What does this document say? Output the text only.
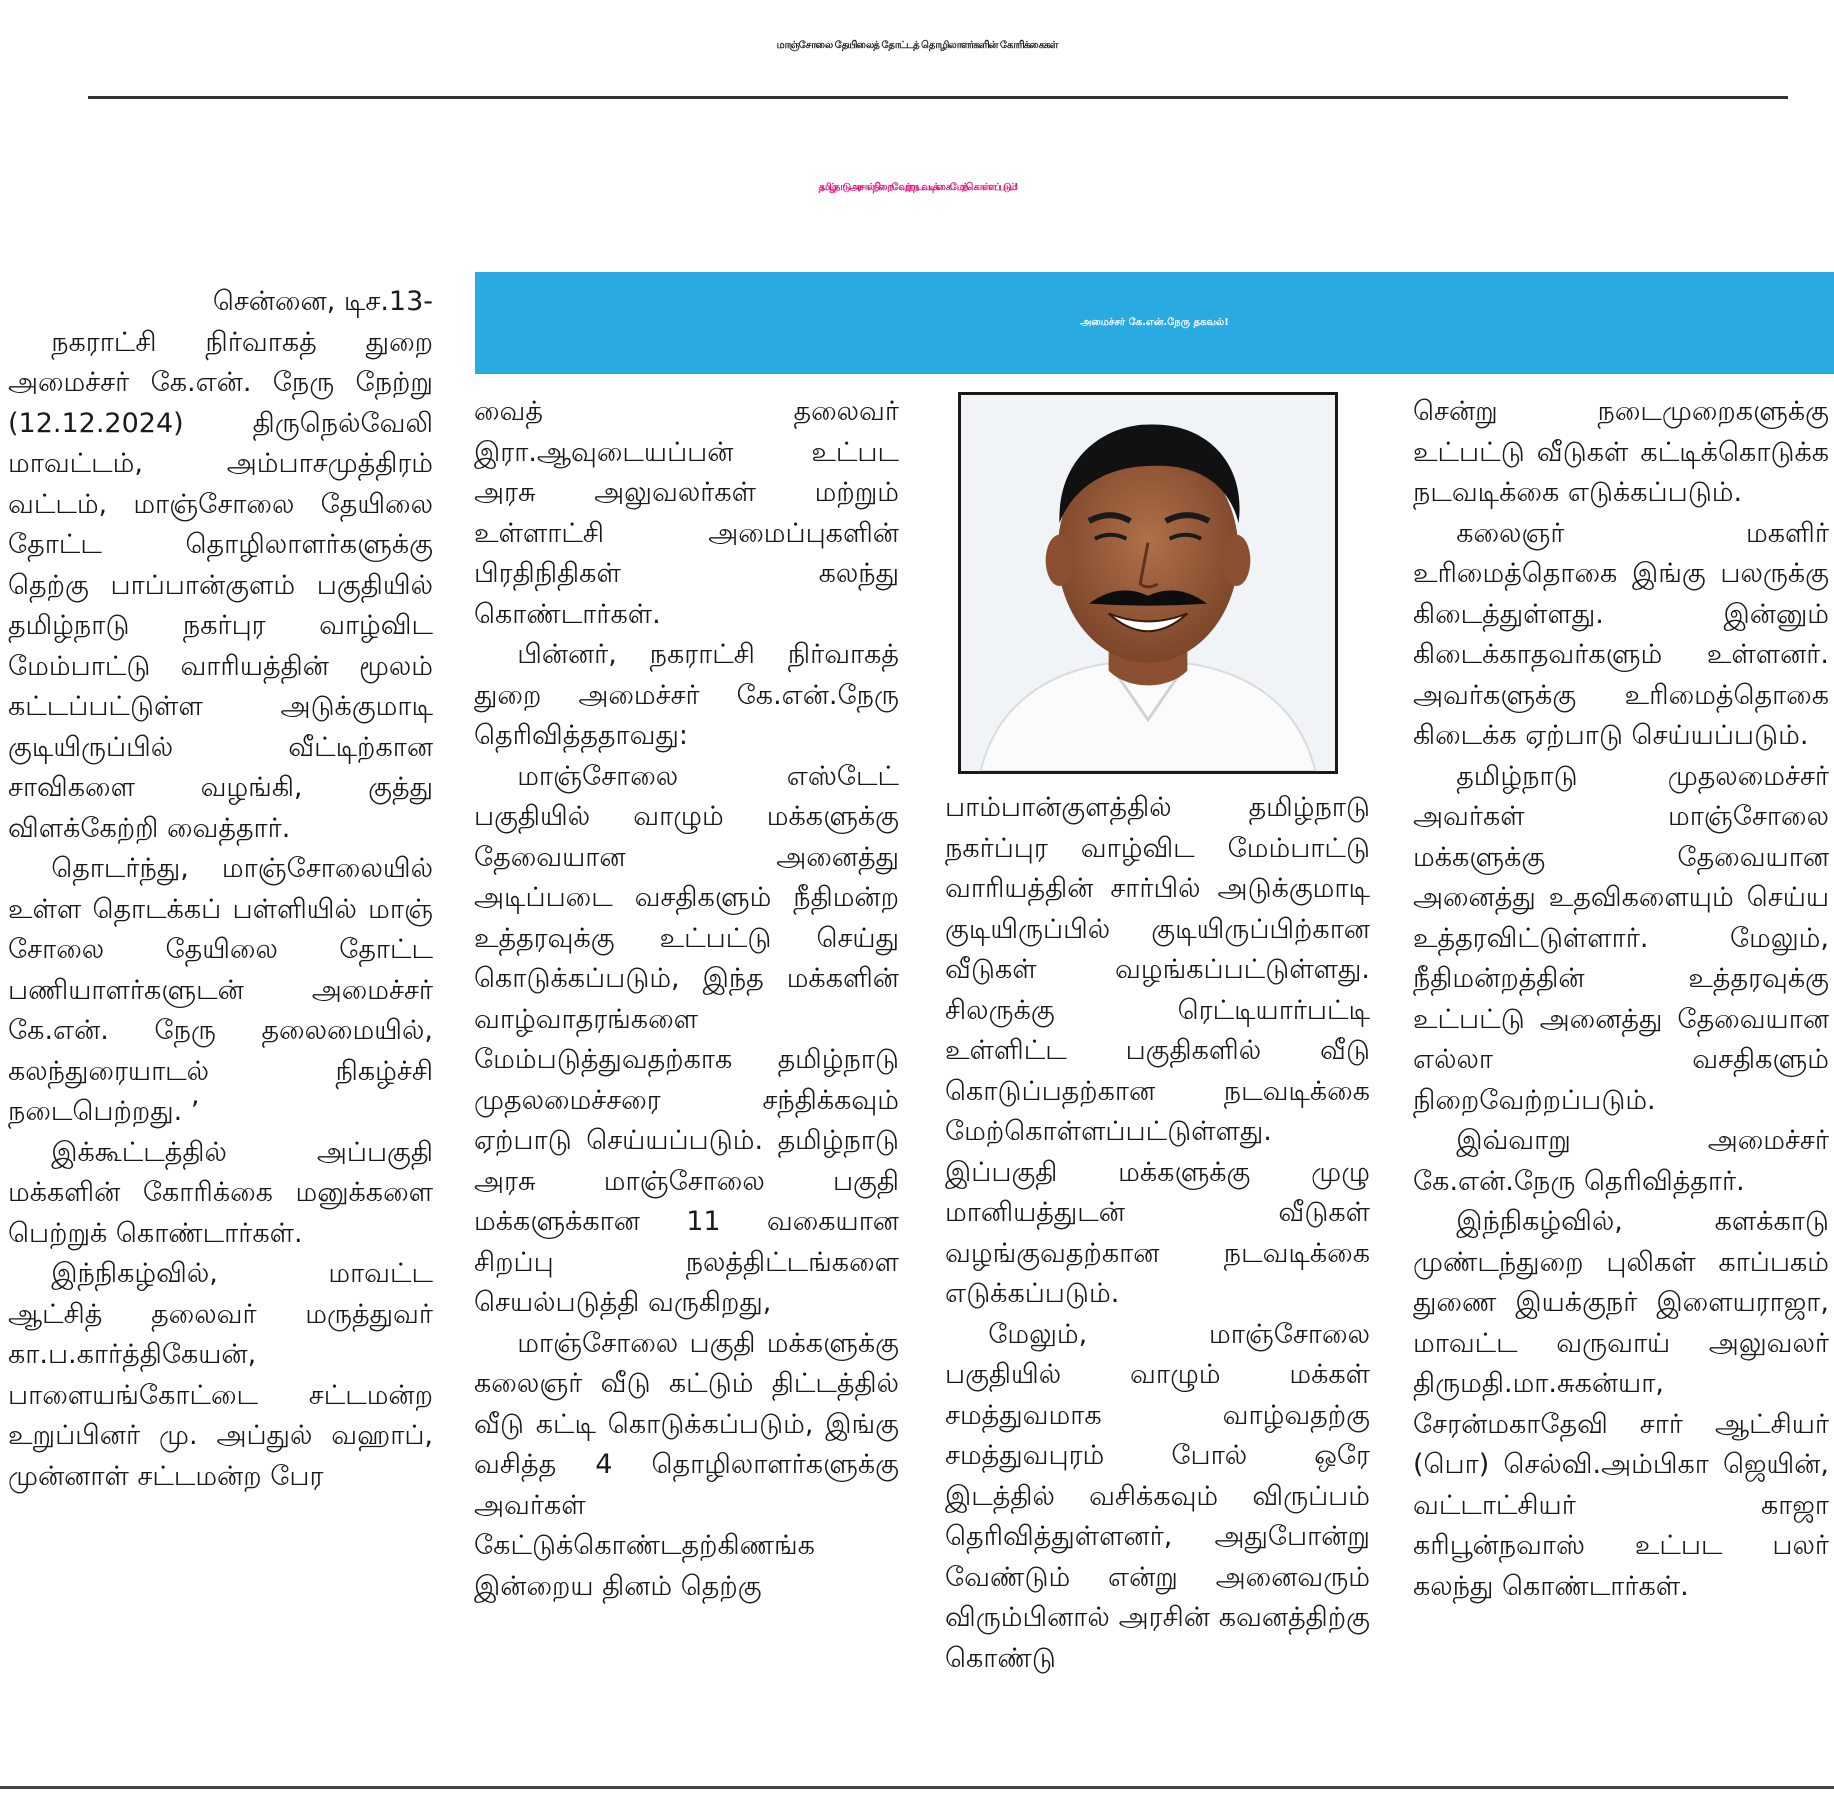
மாஞ்சோலை தேயிலைத் தோட்டத் தொழிலாளர்களின் கோரிக்கைகள்
தமிழ்நாடு அரசால் நிறைவேற்ற நடவடிக்கை மேற்கொள்ளப்படும்!
அமைச்சர் கே.என்.நேரு தகவல்!

சென்னை, டிச.13-

நகராட்சி நிர்வாகத் துறை அமைச்சர் கே.என். நேரு நேற்று (12.12.2024) திருநெல்வேலி மாவட்டம், அம்பாசமுத்திரம் வட்டம், மாஞ்சோலை தேயிலை தோட்ட தொழிலாளர்களுக்கு தெற்கு பாப்பான்குளம் பகுதியில் தமிழ்நாடு நகர்புர வாழ்விட மேம்பாட்டு வாரியத்தின் மூலம் கட்டப்பட்டுள்ள அடுக்குமாடி குடியிருப்பில் வீட்டிற்கான சாவிகளை வழங்கி, குத்து விளக்கேற்றி வைத்தார்.

தொடர்ந்து, மாஞ்சோலையில் உள்ள தொடக்கப் பள்ளியில் மாஞ் சோலை தேயிலை தோட்ட பணியாளர்களுடன் அமைச்சர் கே.என். நேரு தலைமையில், கலந்துரையாடல் நிகழ்ச்சி நடைபெற்றது. ’

இக்கூட்டத்தில் அப்பகுதி மக்களின் கோரிக்கை மனுக்களை பெற்றுக் கொண்டார்கள்.

இந்நிகழ்வில், மாவட்ட ஆட்சித் தலைவர் மருத்துவர் கா.ப.கார்த்திகேயன், பாளையங்கோட்டை சட்டமன்ற உறுப்பினர் மு. அப்துல் வஹாப், முன்னாள் சட்டமன்ற பேர

வைத் தலைவர் இரா.ஆவுடையப்பன் உட்பட அரசு அலுவலர்கள் மற்றும் உள்ளாட்சி அமைப்புகளின் பிரதிநிதிகள் கலந்து கொண்டார்கள்.

பின்னர், நகராட்சி நிர்வாகத் துறை அமைச்சர் கே.என்.நேரு தெரிவித்ததாவது:

மாஞ்சோலை எஸ்டேட் பகுதியில் வாழும் மக்களுக்கு தேவையான அனைத்து அடிப்படை வசதிகளும் நீதிமன்ற உத்தரவுக்கு உட்பட்டு செய்து கொடுக்கப்படும், இந்த மக்களின் வாழ்வாதரங்களை மேம்படுத்துவதற்காக தமிழ்நாடு முதலமைச்சரை சந்திக்கவும் ஏற்பாடு செய்யப்படும். தமிழ்நாடு அரசு மாஞ்சோலை பகுதி மக்களுக்கான 11 வகையான சிறப்பு நலத்திட்டங்களை செயல்படுத்தி வருகிறது,

மாஞ்சோலை பகுதி மக்களுக்கு கலைஞர் வீடு கட்டும் திட்டத்தில் வீடு கட்டி கொடுக்கப்படும், இங்கு வசித்த 4 தொழிலாளர்களுக்கு அவர்கள் கேட்டுக்கொண்டதற்கிணங்க இன்றைய தினம் தெற்கு

பாம்பான்குளத்தில் தமிழ்நாடு நகர்ப்புர வாழ்விட மேம்பாட்டு வாரியத்தின் சார்பில் அடுக்குமாடி குடியிருப்பில் குடியிருப்பிற்கான வீடுகள் வழங்கப்பட்டுள்ளது. சிலருக்கு ரெட்டியார்பட்டி உள்ளிட்ட பகுதிகளில் வீடு கொடுப்பதற்கான நடவடிக்கை மேற்கொள்ளப்பட்டுள்ளது. இப்பகுதி மக்களுக்கு முழு மானியத்துடன் வீடுகள் வழங்குவதற்கான நடவடிக்கை எடுக்கப்படும்.

மேலும், மாஞ்சோலை பகுதியில் வாழும் மக்கள் சமத்துவமாக வாழ்வதற்கு சமத்துவபுரம் போல் ஒரே இடத்தில் வசிக்கவும் விருப்பம் தெரிவித்துள்ளனர், அதுபோன்று வேண்டும் என்று அனைவரும் விரும்பினால் அரசின் கவனத்திற்கு கொண்டு

சென்று நடைமுறைகளுக்கு உட்பட்டு வீடுகள் கட்டிக்கொடுக்க நடவடிக்கை எடுக்கப்படும்.

கலைஞர் மகளிர் உரிமைத்தொகை இங்கு பலருக்கு கிடைத்துள்ளது. இன்னும் கிடைக்காதவர்களும் உள்ளனர். அவர்களுக்கு உரிமைத்தொகை கிடைக்க ஏற்பாடு செய்யப்படும்.

தமிழ்நாடு முதலமைச்சர் அவர்கள் மாஞ்சோலை மக்களுக்கு தேவையான அனைத்து உதவிகளையும் செய்ய உத்தரவிட்டுள்ளார். மேலும், நீதிமன்றத்தின் உத்தரவுக்கு உட்பட்டு அனைத்து தேவையான எல்லா வசதிகளும் நிறைவேற்றப்படும்.

இவ்வாறு அமைச்சர் கே.என்.நேரு தெரிவித்தார்.

இந்நிகழ்வில், களக்காடு முண்டந்துறை புலிகள் காப்பகம் துணை இயக்குநர் இளையராஜா, மாவட்ட வருவாய் அலுவலர் திருமதி.மா.சுகன்யா, சேரன்மகாதேவி சார் ஆட்சியர் (பொ) செல்வி.அம்பிகா ஜெயின், வட்டாட்சியர் காஜா கரிபூன்நவாஸ் உட்பட பலர் கலந்து கொண்டார்கள்.
